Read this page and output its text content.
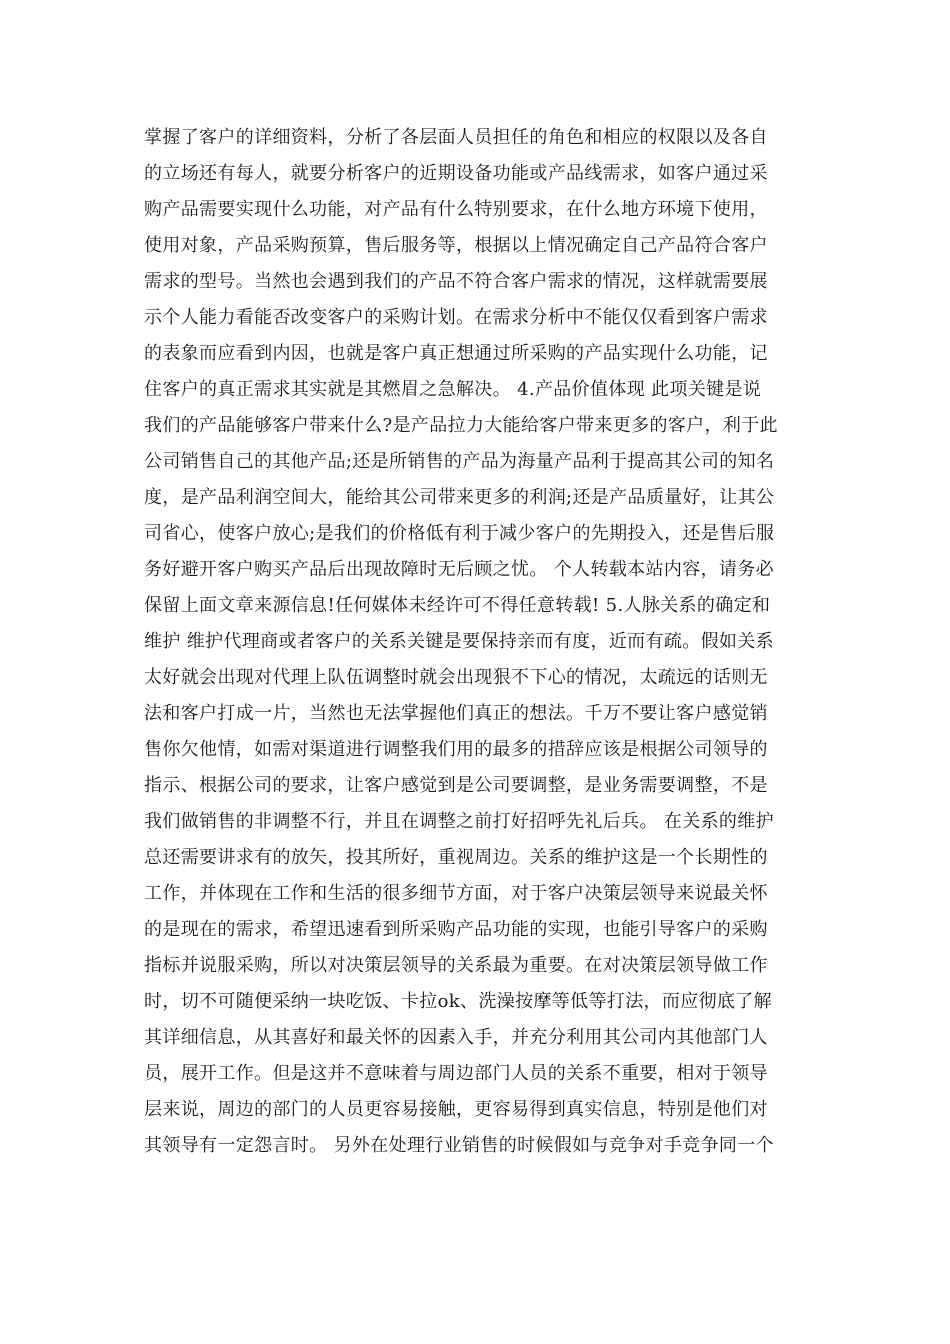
掌握了客户的详细资料，分析了各层面人员担任的角色和相应的权限以及各自
的立场还有每人，就要分析客户的近期设备功能或产品线需求，如客户通过采
购产品需要实现什么功能，对产品有什么特别要求，在什么地方环境下使用，
使用对象，产品采购预算，售后服务等，根据以上情况确定自己产品符合客户
需求的型号。当然也会遇到我们的产品不符合客户需求的情况，这样就需要展
示个人能力看能否改变客户的采购计划。在需求分析中不能仅仅看到客户需求
的表象而应看到内因，也就是客户真正想通过所采购的产品实现什么功能，记
住客户的真正需求其实就是其燃眉之急解决。 4.产品价值体现 此项关键是说
我们的产品能够客户带来什么?是产品拉力大能给客户带来更多的客户，利于此
公司销售自己的其他产品;还是所销售的产品为海量产品利于提高其公司的知名
度，是产品利润空间大，能给其公司带来更多的利润;还是产品质量好，让其公
司省心，使客户放心;是我们的价格低有利于减少客户的先期投入，还是售后服
务好避开客户购买产品后出现故障时无后顾之忧。 个人转载本站内容，请务必
保留上面文章来源信息!任何媒体未经许可不得任意转载! 5.人脉关系的确定和
维护 维护代理商或者客户的关系关键是要保持亲而有度，近而有疏。假如关系
太好就会出现对代理上队伍调整时就会出现狠不下心的情况，太疏远的话则无
法和客户打成一片，当然也无法掌握他们真正的想法。千万不要让客户感觉销
售你欠他情，如需对渠道进行调整我们用的最多的措辞应该是根据公司领导的
指示、根据公司的要求，让客户感觉到是公司要调整，是业务需要调整，不是
我们做销售的非调整不行，并且在调整之前打好招呼先礼后兵。 在关系的维护
总还需要讲求有的放矢，投其所好，重视周边。关系的维护这是一个长期性的
工作，并体现在工作和生活的很多细节方面，对于客户决策层领导来说最关怀
的是现在的需求，希望迅速看到所采购产品功能的实现，也能引导客户的采购
指标并说服采购，所以对决策层领导的关系最为重要。在对决策层领导做工作
时，切不可随便采纳一块吃饭、卡拉ok、洗澡按摩等低等打法，而应彻底了解
其详细信息，从其喜好和最关怀的因素入手，并充分利用其公司内其他部门人
员，展开工作。但是这并不意味着与周边部门人员的关系不重要，相对于领导
层来说，周边的部门的人员更容易接触，更容易得到真实信息，特别是他们对
其领导有一定怨言时。 另外在处理行业销售的时候假如与竞争对手竞争同一个
